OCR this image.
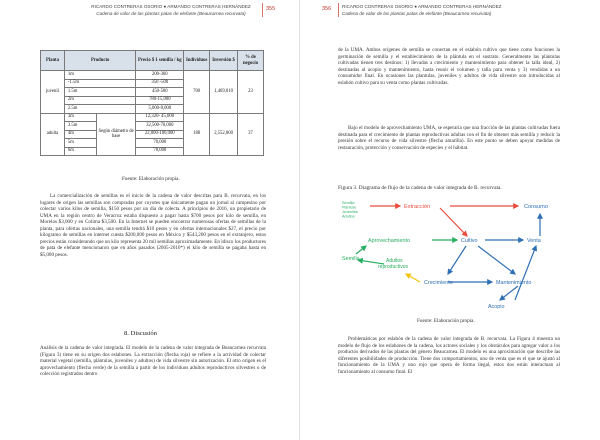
RICARDO CONTRERAS OSORIO ● ARMANDO CONTRERAS HERNÁNDEZ
Cadena de valor de las plantas patas de elefante (Beaucarnea recurvata)
355
Planta	Producto		Precio $ 1 semilla / kg	Individuos	Inversión $	% de negocio
juvenil	1m		200-360	700	1,469,010	23
	-1.5m		350 -500			
	1.5m		450-500			
	2m		780-15,000			
	2.5m		5,000-8,000			
adulta	3m	Según diámetro de base	12,320- 45,000	188	2,552,800	37
	3.5m		32,500-70,000			
	4m		22,000-100,000			
	5m		70,000			
	6m		78,000			
Fuente: Elaboración propia.
La comercialización de semillas es el inicio de la cadena de valor descritas para B. recurvata, en los lugares de origen las semillas son compradas por coyotes que únicamente pagan un jornal al campesino por colectar varios kilos de semilla, $150 pesos por un día de colecta. A principios de 2016, un propietario de UMA en la región centro de Veracruz estaba dispuesto a pagar hasta $700 pesos por kilo de semilla, en Morelos $3,000 y en Colima $3,500. En la Internet se pueden encontrar numerosas ofertas de semillas de la planta, para ofertas nacionales, una semilla tendrá $10 pesos y en ofertas internacionales $27, el precio por kilogramo de semillas en internet cuesta $200,000 pesos en México y $543,200 pesos en el extranjero, estos precios están considerando que un kilo representa 20 mil semillas aproximadamente. En ldisco los productores de pata de elefante mencionaron que en años pasados (2005-2010*) el kilo de semilla se pagaba hasta en $5,000 pesos.
8. Discusión
Análisis de la cadena de valor integrada. El modelo de la cadena de valor integrada de Beaucarnea recurvata (Figura 3) tiene en su origen dos eslabones. La extracción (flecha roja) se refiere a la actividad de colectar material vegetal (semilla, plántulas, juveniles y adultos) de vida silvestre sin autorización. El otro origen es el aprovechamiento (flecha verde) de la semilla a partir de los individuos adultos reproductivos silvestres o de colección registrados dentro
356 RICARDO CONTRERAS OSORIO ● ARMANDO CONTRERAS HERNÁNDEZ
Cadena de valor de las plantas patas de elefante (Beaucarnea recurvata)
de la UMA. Ambos orígenes de semilla se conectan en el eslabón cultivo que tiene como funciones la germinación de semilla y el establecimiento de la plántula en el sustrato. Generalmente las plántulas cultivadas tienen tres destinos: 1) llevadas a crecimiento y mantenimiento para obtener la talla ideal, 2) destinadas al acopio y mantenimiento, hasta reunir el volumen y talla para venta y 3) vendidas a un consumidor final. En ocasiones las plantulas, juveniles y adultos de vida silvestre son introducidas al eslabón cultivo para su venta como plantas cultivadas.
Bajo el modelo de aprovechamiento UMA, se esperaría que una fracción de las plantas cultivadas fuera destinada para el crecimiento de plantas reproductivas adultas con el fin de obtener más semilla y reducir la presión sobre el recurso de vida silvestre (flecha amarilla). En este punto se deben apoyar medidas de restauración, protección y conservación de especies y el hábitat.
Figura 3. Diagrama de flujo de la cadena de valor integrada de B. recurvata.
Semilla
Plántula
Juveniles
Adultos
Extracción	Consumo
Aprovechamiento	Cultivo	Venta
Semilla	Adultos reproductivos
Crecimiento	Mantenimiento
Acopio
Fuente: Elaboración propia.
Problemáticas por eslabón de la cadena de valor integrada de B. recurvata. La Figura 4 muestra un modelo de flujo de los eslabones de la cadena, los actores sociales y los obstáculos para agregar valor a los productos derivados de las plantas del género Beaucarnea. El modelo es una aproximación que describe las diferentes posibilidades de producción. Tiene dos comportamientos, uno de venta que es el que se ajustó al funcionamiento de la UMA y uno rojo que opera de forma ilegal, estos dos están interactuan al funcionamiento al consumo final. El
